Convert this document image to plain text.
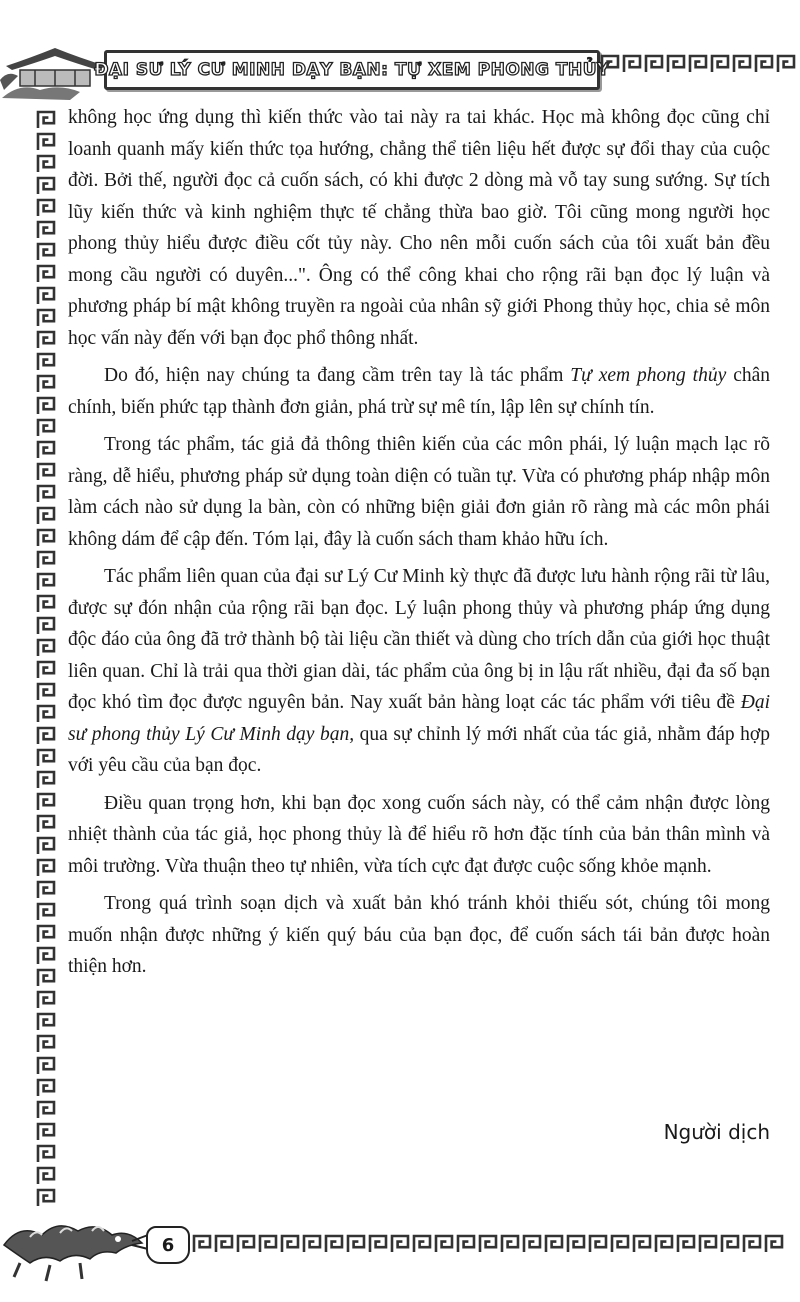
ĐẠI SƯ LÝ CƯ MINH DẠY BẠN: TỰ XEM PHONG THỦY

không học ứng dụng thì kiến thức vào tai này ra tai khác. Học mà không đọc cũng chỉ loanh quanh mấy kiến thức tọa hướng, chẳng thể tiên liệu hết được sự đổi thay của cuộc đời. Bởi thế, người đọc cả cuốn sách, có khi được 2 dòng mà vỗ tay sung sướng. Sự tích lũy kiến thức và kinh nghiệm thực tế chẳng thừa bao giờ. Tôi cũng mong người học phong thủy hiểu được điều cốt tủy này. Cho nên mỗi cuốn sách của tôi xuất bản đều mong cầu người có duyên...". Ông có thể công khai cho rộng rãi bạn đọc lý luận và phương pháp bí mật không truyền ra ngoài của nhân sỹ giới Phong thủy học, chia sẻ môn học vấn này đến với bạn đọc phổ thông nhất.

Do đó, hiện nay chúng ta đang cầm trên tay là tác phẩm Tự xem phong thủy chân chính, biến phức tạp thành đơn giản, phá trừ sự mê tín, lập lên sự chính tín.

Trong tác phẩm, tác giả đả thông thiên kiến của các môn phái, lý luận mạch lạc rõ ràng, dễ hiểu, phương pháp sử dụng toàn diện có tuần tự. Vừa có phương pháp nhập môn làm cách nào sử dụng la bàn, còn có những biện giải đơn giản rõ ràng mà các môn phái không dám để cập đến. Tóm lại, đây là cuốn sách tham khảo hữu ích.

Tác phẩm liên quan của đại sư Lý Cư Minh kỳ thực đã được lưu hành rộng rãi từ lâu, được sự đón nhận của rộng rãi bạn đọc. Lý luận phong thủy và phương pháp ứng dụng độc đáo của ông đã trở thành bộ tài liệu cần thiết và dùng cho trích dẫn của giới học thuật liên quan. Chỉ là trải qua thời gian dài, tác phẩm của ông bị in lậu rất nhiều, đại đa số bạn đọc khó tìm đọc được nguyên bản. Nay xuất bản hàng loạt các tác phẩm với tiêu đề Đại sư phong thủy Lý Cư Minh dạy bạn, qua sự chỉnh lý mới nhất của tác giả, nhằm đáp hợp với yêu cầu của bạn đọc.

Điều quan trọng hơn, khi bạn đọc xong cuốn sách này, có thể cảm nhận được lòng nhiệt thành của tác giả, học phong thủy là để hiểu rõ hơn đặc tính của bản thân mình và môi trường. Vừa thuận theo tự nhiên, vừa tích cực đạt được cuộc sống khỏe mạnh.

Trong quá trình soạn dịch và xuất bản khó tránh khỏi thiếu sót, chúng tôi mong muốn nhận được những ý kiến quý báu của bạn đọc, để cuốn sách tái bản được hoàn thiện hơn.

Người dịch
6
